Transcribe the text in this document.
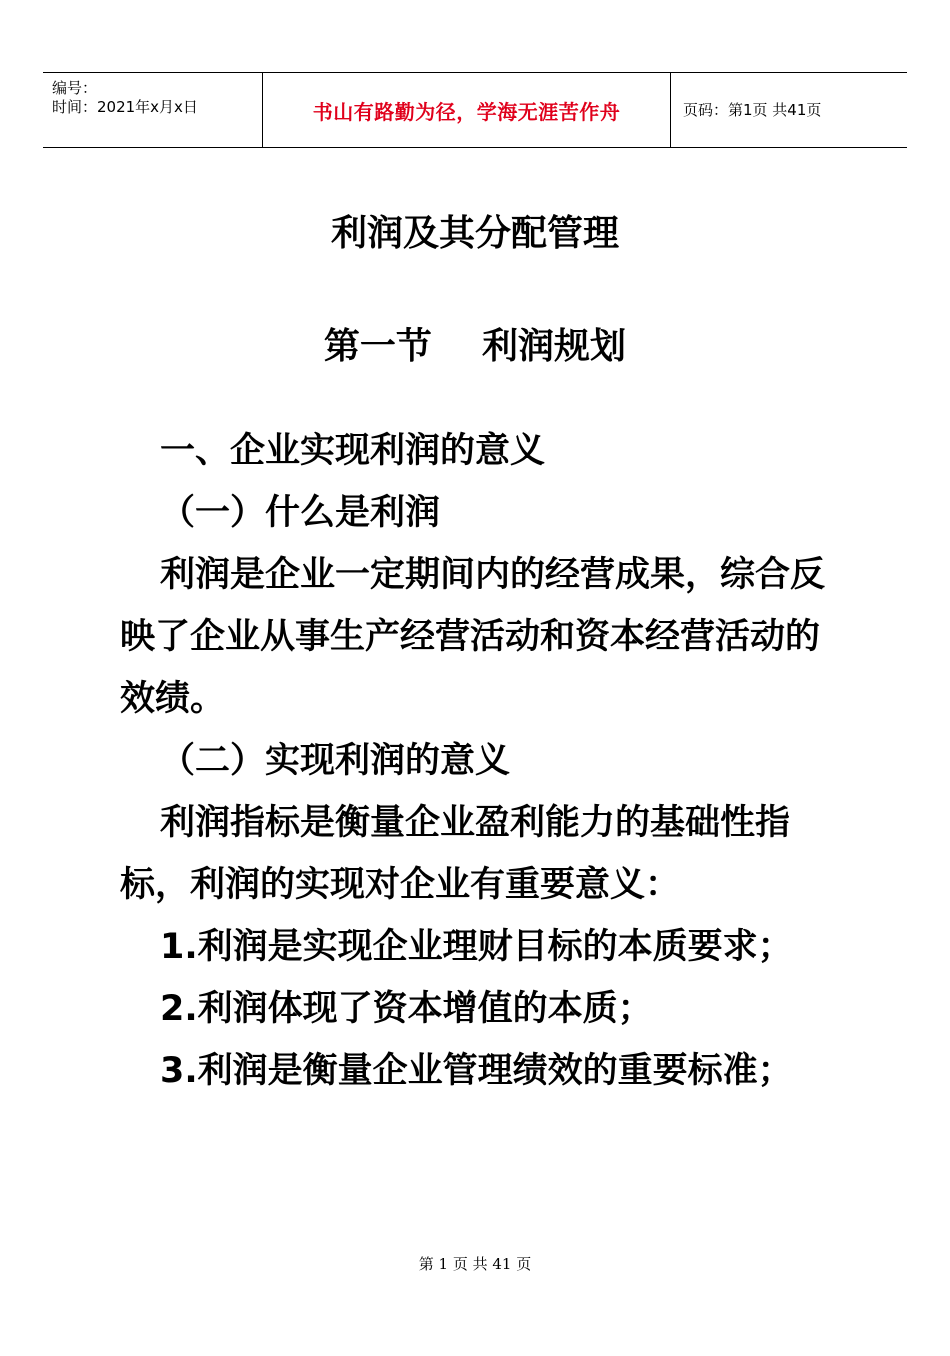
编号：
时间：2021年x月x日	书山有路勤为径，学海无涯苦作舟	页码：第1页 共41页
利润及其分配管理
第一节    利润规划

一、企业实现利润的意义

（一）什么是利润

利润是企业一定期间内的经营成果，综合反映了企业从事生产经营活动和资本经营活动的效绩。

（二）实现利润的意义

利润指标是衡量企业盈利能力的基础性指标，利润的实现对企业有重要意义：

1.利润是实现企业理财目标的本质要求；

2.利润体现了资本增值的本质；

3.利润是衡量企业管理绩效的重要标准；

第 1 页 共 41 页
